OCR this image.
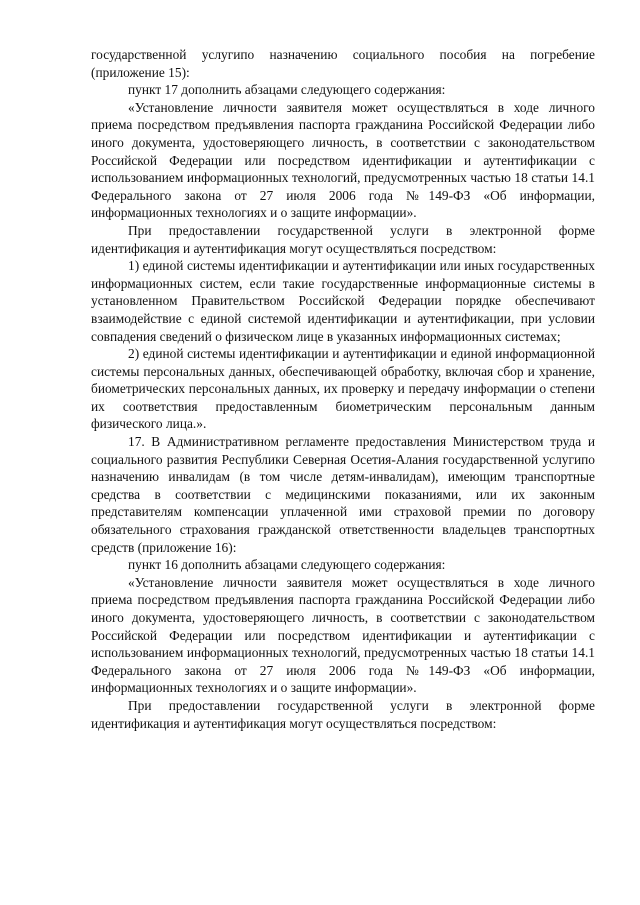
государственной услугипо назначению социального пособия на погребение (приложение 15):

пункт 17 дополнить абзацами следующего содержания:

«Установление личности заявителя может осуществляться в ходе личного приема посредством предъявления паспорта гражданина Российской Федерации либо иного документа, удостоверяющего личность, в соответствии с законодательством Российской Федерации или посредством идентификации и аутентификации с использованием информационных технологий, предусмотренных частью 18 статьи 14.1 Федерального закона от 27 июля 2006 года №149-ФЗ «Об информации, информационных технологиях и о защите информации».

При предоставлении государственной услуги в электронной форме идентификация и аутентификация могут осуществляться посредством:

1) единой системы идентификации и аутентификации или иных государственных информационных систем, если такие государственные информационные системы в установленном Правительством Российской Федерации порядке обеспечивают взаимодействие с единой системой идентификации и аутентификации, при условии совпадения сведений о физическом лице в указанных информационных системах;

2) единой системы идентификации и аутентификации и единой информационной системы персональных данных, обеспечивающей обработку, включая сбор и хранение, биометрических персональных данных, их проверку и передачу информации о степени их соответствия предоставленным биометрическим персональным данным физического лица.».

17. В Административном регламенте предоставления Министерством труда и социального развития Республики Северная Осетия-Алания государственной услугипо назначению инвалидам (в том числе детям-инвалидам), имеющим транспортные средства в соответствии с медицинскими показаниями, или их законным представителям компенсации уплаченной ими страховой премии по договору обязательного страхования гражданской ответственности владельцев транспортных средств (приложение 16):

пункт 16 дополнить абзацами следующего содержания:

«Установление личности заявителя может осуществляться в ходе личного приема посредством предъявления паспорта гражданина Российской Федерации либо иного документа, удостоверяющего личность, в соответствии с законодательством Российской Федерации или посредством идентификации и аутентификации с использованием информационных технологий, предусмотренных частью 18 статьи 14.1 Федерального закона от 27 июля 2006 года №149-ФЗ «Об информации, информационных технологиях и о защите информации».

При предоставлении государственной услуги в электронной форме идентификация и аутентификация могут осуществляться посредством:
